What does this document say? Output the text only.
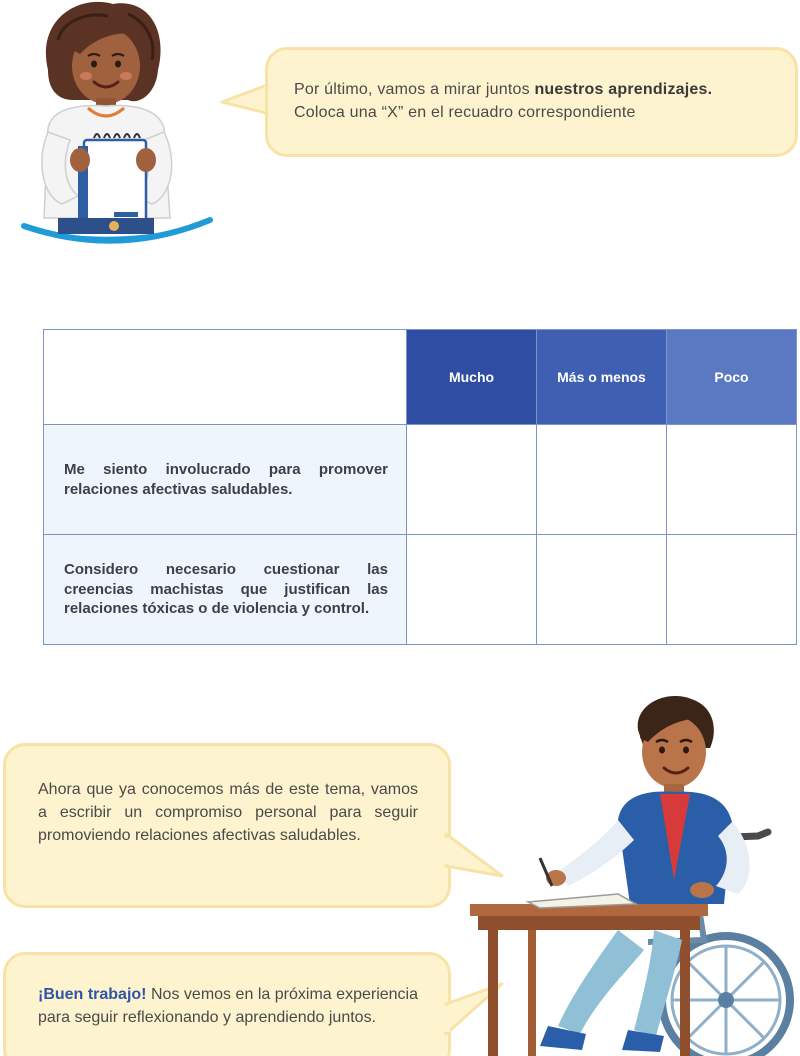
Por último, vamos a mirar juntos nuestros aprendizajes.
Coloca una “X” en el recuadro correspondiente
	Mucho	Más o menos	Poco
Me siento involucrado para promover relaciones afectivas saludables.			
Considero necesario cuestionar las creencias machistas que justifican las relaciones tóxicas o de violencia y control.			
Ahora que ya conocemos más de este tema, vamos a escribir un compromiso personal para seguir promoviendo relaciones afectivas saludables.
¡Buen trabajo! Nos vemos en la próxima experiencia para seguir reflexionando y aprendiendo juntos.
